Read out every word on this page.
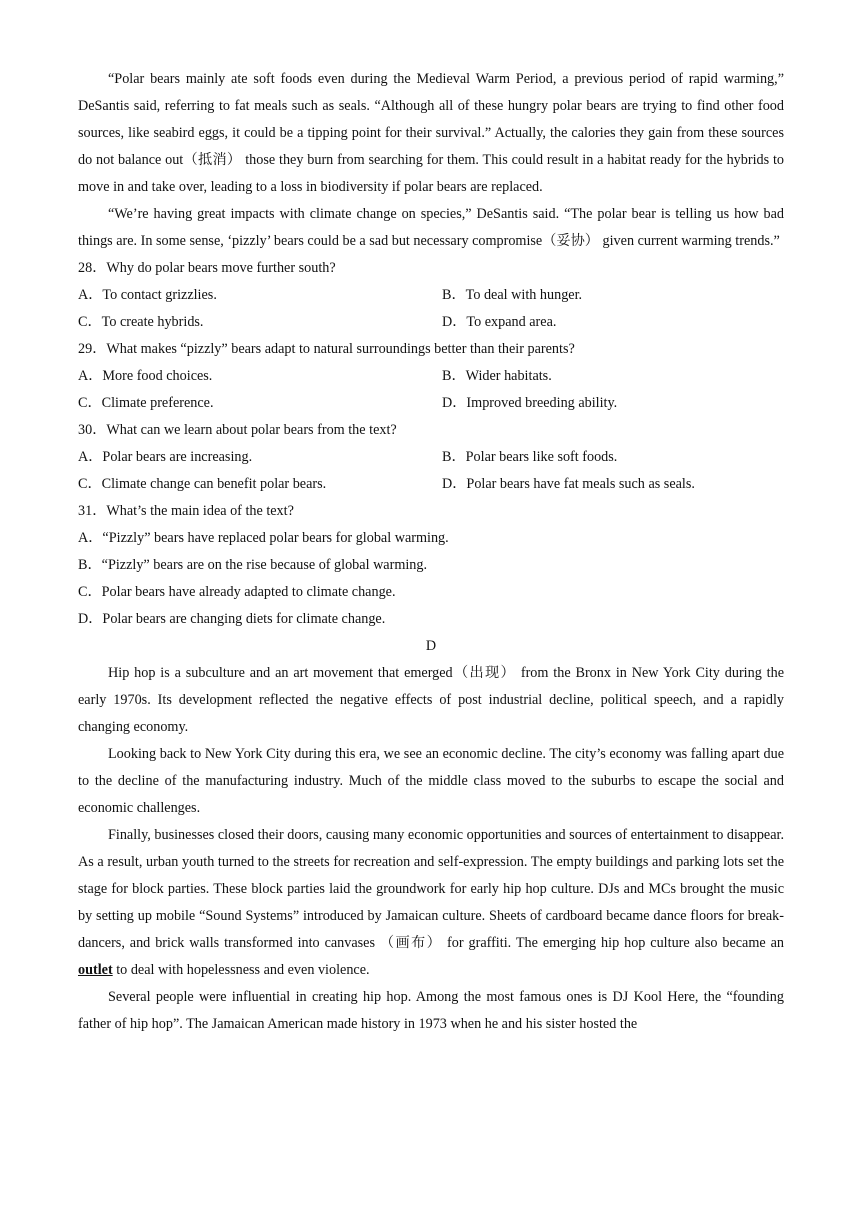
“Polar bears mainly ate soft foods even during the Medieval Warm Period, a previous period of rapid warming,” DeSantis said, referring to fat meals such as seals. “Although all of these hungry polar bears are trying to find other food sources, like seabird eggs, it could be a tipping point for their survival.” Actually, the calories they gain from these sources do not balance out（抵消） those they burn from searching for them. This could result in a habitat ready for the hybrids to move in and take over, leading to a loss in biodiversity if polar bears are replaced.

“We’re having great impacts with climate change on species,” DeSantis said. “The polar bear is telling us how bad things are. In some sense, ‘pizzly’ bears could be a sad but necessary compromise（妥协） given current warming trends.”

28．Why do polar bears move further south?
A．To contact grizzlies.	B．To deal with hunger.
C．To create hybrids.	D．To expand area.
29．What makes “pizzly” bears adapt to natural surroundings better than their parents?
A．More food choices.	B．Wider habitats.
C．Climate preference.	D．Improved breeding ability.
30．What can we learn about polar bears from the text?
A．Polar bears are increasing.	B．Polar bears like soft foods.
C．Climate change can benefit polar bears.	D．Polar bears have fat meals such as seals.
31．What’s the main idea of the text?
A．“Pizzly” bears have replaced polar bears for global warming.
B．“Pizzly” bears are on the rise because of global warming.
C．Polar bears have already adapted to climate change.
D．Polar bears are changing diets for climate change.
D

Hip hop is a subculture and an art movement that emerged（出现） from the Bronx in New York City during the early 1970s. Its development reflected the negative effects of post industrial decline, political speech, and a rapidly changing economy.

Looking back to New York City during this era, we see an economic decline. The city’s economy was falling apart due to the decline of the manufacturing industry. Much of the middle class moved to the suburbs to escape the social and economic challenges.

Finally, businesses closed their doors, causing many economic opportunities and sources of entertainment to disappear. As a result, urban youth turned to the streets for recreation and self-expression. The empty buildings and parking lots set the stage for block parties. These block parties laid the groundwork for early hip hop culture. DJs and MCs brought the music by setting up mobile “Sound Systems” introduced by Jamaican culture. Sheets of cardboard became dance floors for break-dancers, and brick walls transformed into canvases （画布） for graffiti. The emerging hip hop culture also became an outlet to deal with hopelessness and even violence.

Several people were influential in creating hip hop. Among the most famous ones is DJ Kool Here, the “founding father of hip hop”. The Jamaican American made history in 1973 when he and his sister hosted the
